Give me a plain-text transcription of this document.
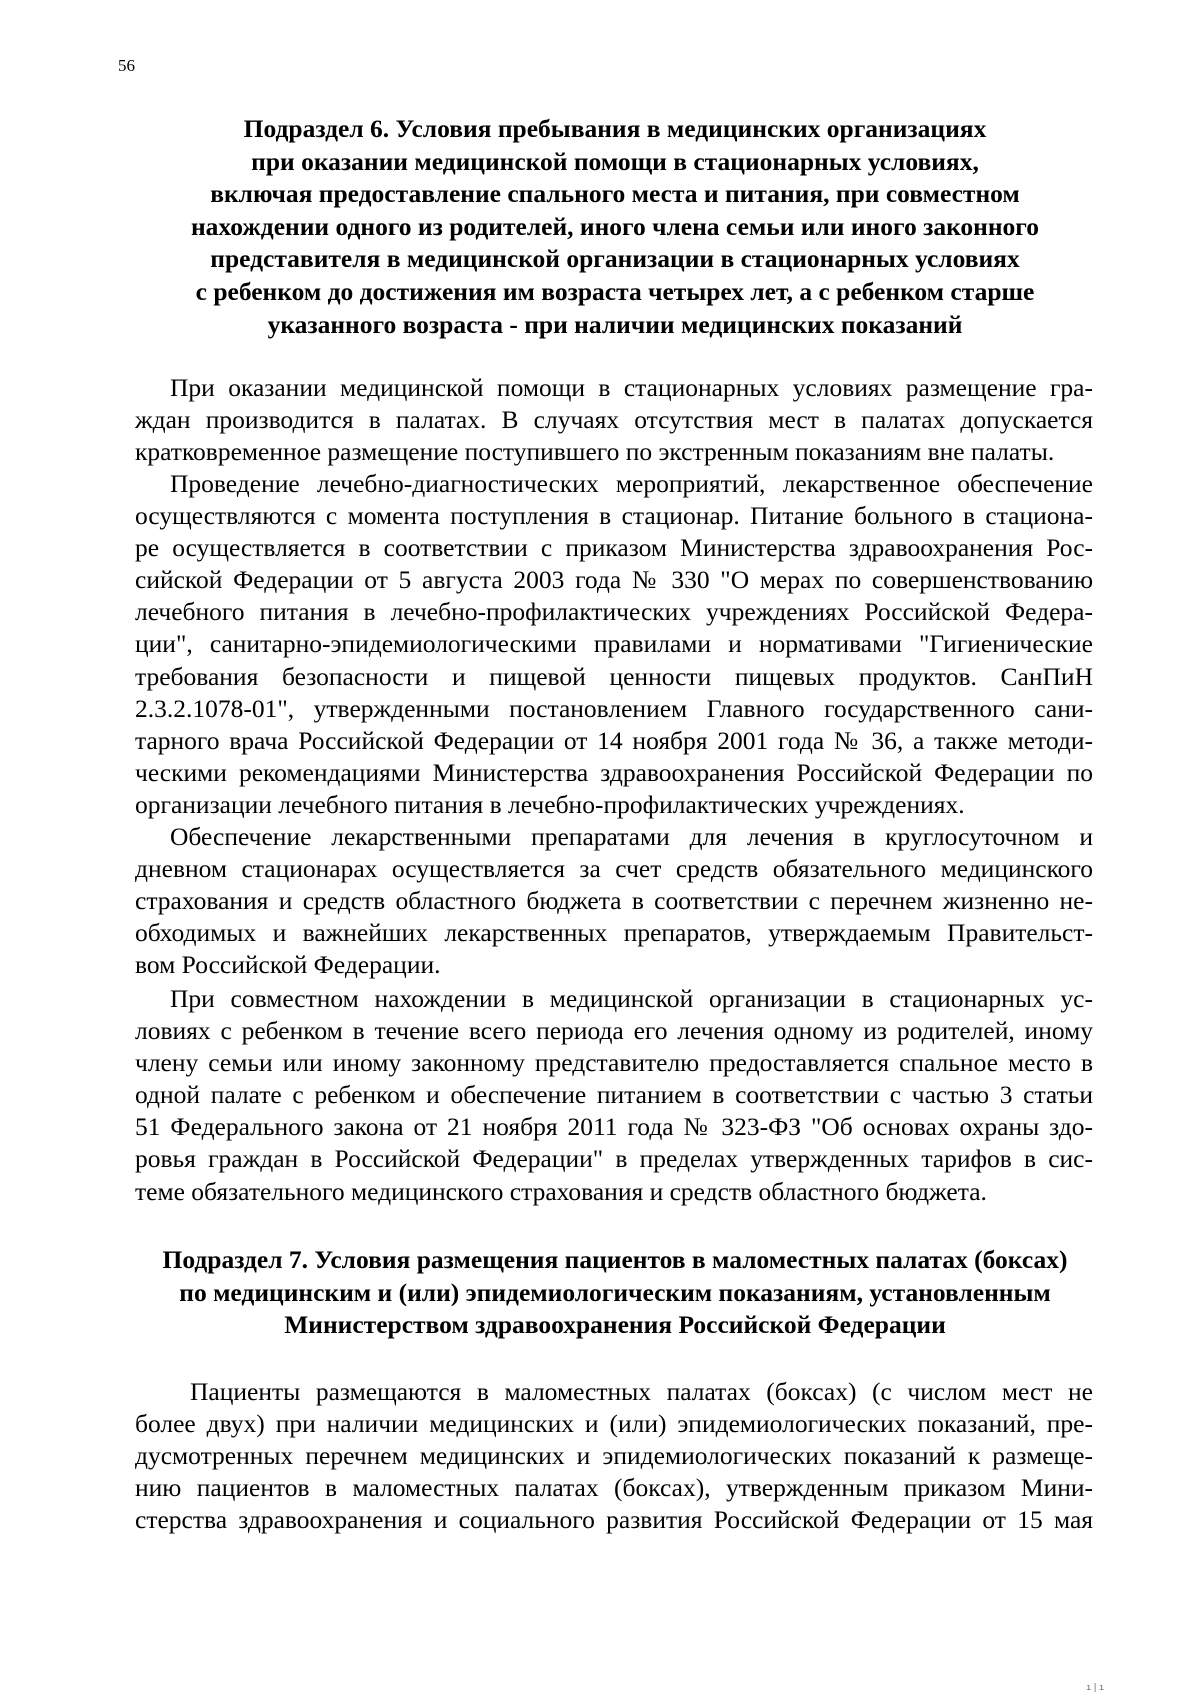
56
Подраздел 6. Условия пребывания в медицинских организациях
при оказании медицинской помощи в стационарных условиях,
включая предоставление спального места и питания, при совместном
нахождении одного из родителей, иного члена семьи или иного законного
представителя в медицинской организации в стационарных условиях
с ребенком до достижения им возраста четырех лет, а с ребенком старше
указанного возраста - при наличии медицинских показаний
При оказании медицинской помощи в стационарных условиях размещение гра-
ждан производится в палатах. В случаях отсутствия мест в палатах допускается
кратковременное размещение поступившего по экстренным показаниям вне палаты.
Проведение лечебно-диагностических мероприятий, лекарственное обеспечение
осуществляются с момента поступления в стационар. Питание больного в стациона-
ре осуществляется в соответствии с приказом Министерства здравоохранения Рос-
сийской Федерации от 5 августа 2003 года № 330 "О мерах по совершенствованию
лечебного питания в лечебно-профилактических учреждениях Российской Федера-
ции", санитарно-эпидемиологическими правилами и нормативами "Гигиенические
требования безопасности и пищевой ценности пищевых продуктов. СанПиН
2.3.2.1078-01", утвержденными постановлением Главного государственного сани-
тарного врача Российской Федерации от 14 ноября 2001 года № 36, а также методи-
ческими рекомендациями Министерства здравоохранения Российской Федерации по
организации лечебного питания в лечебно-профилактических учреждениях.
Обеспечение лекарственными препаратами для лечения в круглосуточном и
дневном стационарах осуществляется за счет средств обязательного медицинского
страхования и средств областного бюджета в соответствии с перечнем жизненно не-
обходимых и важнейших лекарственных препаратов, утверждаемым Правительст-
вом Российской Федерации.
При совместном нахождении в медицинской организации в стационарных ус-
ловиях с ребенком в течение всего периода его лечения одному из родителей, иному
члену семьи или иному законному представителю предоставляется спальное место в
одной палате с ребенком и обеспечение питанием в соответствии с частью 3 статьи
51 Федерального закона от 21 ноября 2011 года № 323-ФЗ "Об основах охраны здо-
ровья граждан в Российской Федерации" в пределах утвержденных тарифов в сис-
теме обязательного медицинского страхования и средств областного бюджета.
Подраздел 7. Условия размещения пациентов в маломестных палатах (боксах)
по медицинским и (или) эпидемиологическим показаниям, установленным
Министерством здравоохранения Российской Федерации
Пациенты размещаются в маломестных палатах (боксах) (с числом мест не
более двух) при наличии медицинских и (или) эпидемиологических показаний, пре-
дусмотренных перечнем медицинских и эпидемиологических показаний к размеще-
нию пациентов в маломестных палатах (боксах), утвержденным приказом Мини-
стерства здравоохранения и социального развития Российской Федерации от 15 мая
ı|ı
